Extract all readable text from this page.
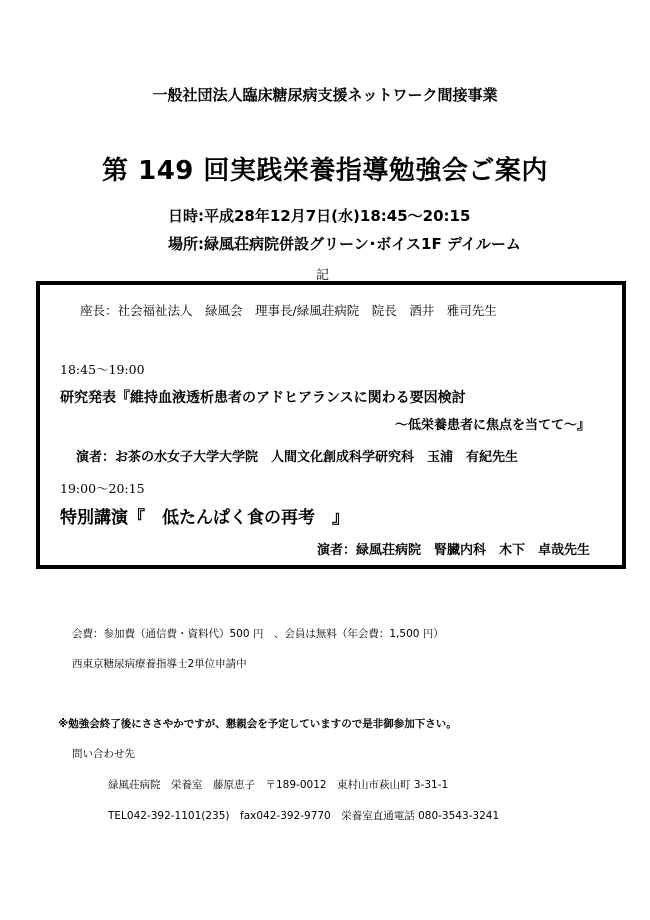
一般社団法人臨床糖尿病支援ネットワーク間接事業
第 149 回実践栄養指導勉強会ご案内
日時:平成28年12月7日(水)18:45～20:15
場所:緑風荘病院併設グリーン･ボイス1F デイルーム
記
座長：社会福祉法人　緑風会　理事長/緑風荘病院　院長　酒井　雅司先生
18:45～19:00
研究発表『維持血液透析患者のアドヒアランスに関わる要因検討
～低栄養患者に焦点を当てて～』
演者：お茶の水女子大学大学院　人間文化創成科学研究科　玉浦　有紀先生
19:00～20:15
特別講演『　低たんぱく食の再考　』
演者：緑風荘病院　腎臓内科　木下　卓哉先生
会費：参加費（通信費・資料代）500 円　、会員は無料（年会費：1,500 円）
西東京糖尿病療養指導士2単位申請中
※勉強会終了後にささやかですが、懇親会を予定していますので是非御参加下さい。
問い合わせ先
緑風荘病院　栄養室　藤原恵子　〒189-0012　東村山市萩山町 3-31-1
TEL042-392-1101(235)　fax042-392-9770　栄養室直通電話 080-3543-3241
